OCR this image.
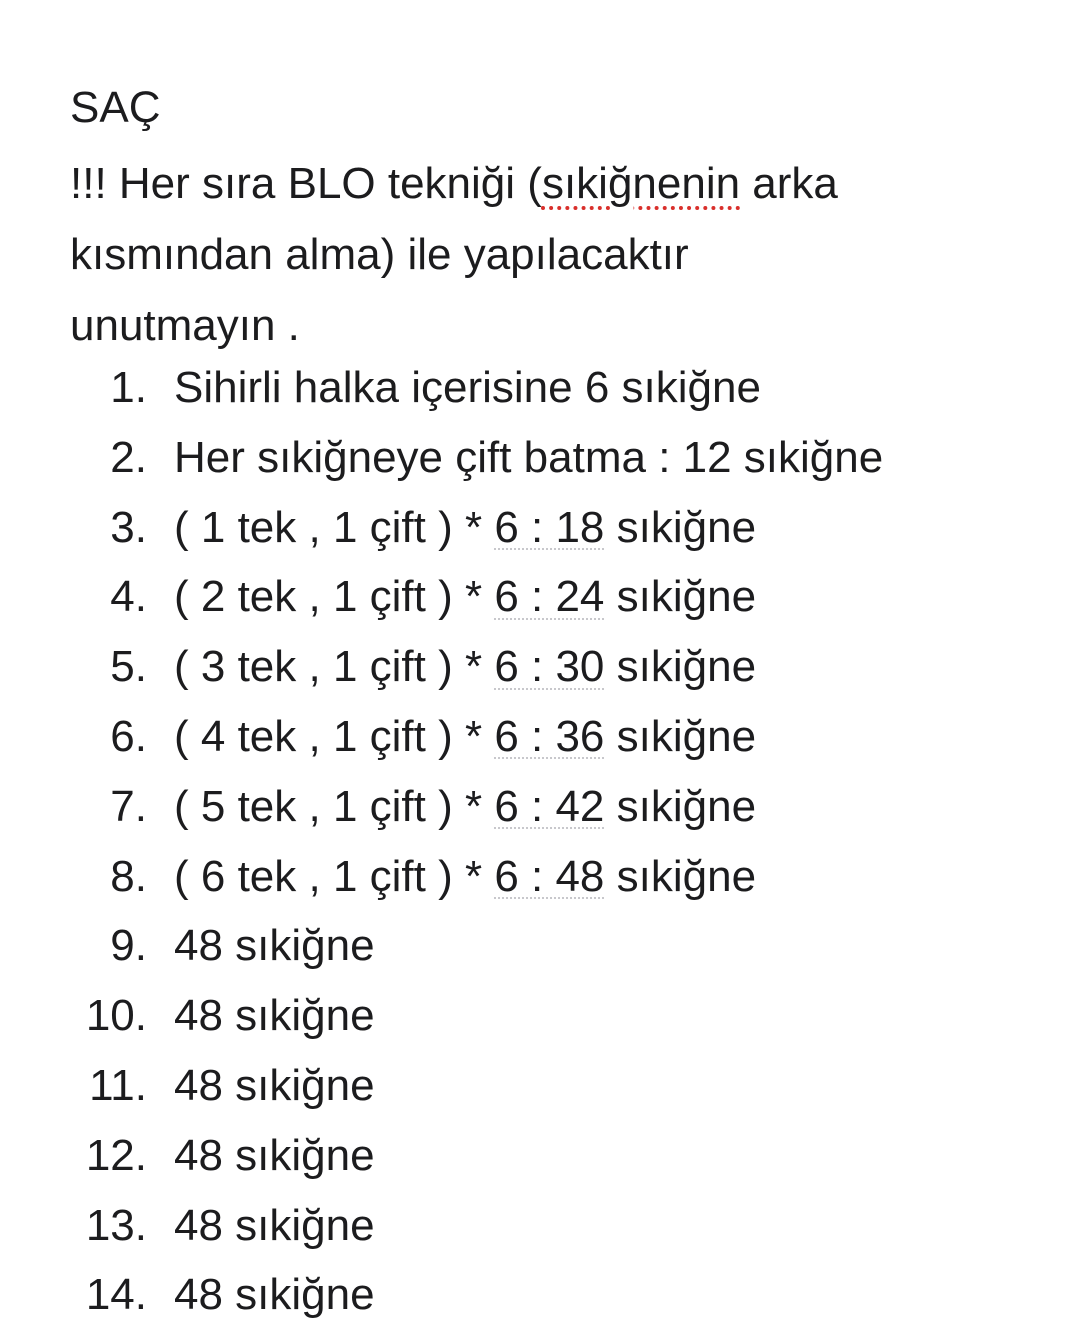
SAÇ
!!! Her sıra BLO tekniği (sıkiğnenin arka
kısmından alma) ile yapılacaktır
unutmayın .
1. Sihirli halka içerisine 6 sıkiğne
2. Her sıkiğneye çift batma : 12 sıkiğne
3. ( 1 tek , 1 çift ) * 6 : 18 sıkiğne
4. ( 2 tek , 1 çift ) * 6 : 24 sıkiğne
5. ( 3 tek , 1 çift ) * 6 : 30 sıkiğne
6. ( 4 tek , 1 çift ) * 6 : 36 sıkiğne
7. ( 5 tek , 1 çift ) * 6 : 42 sıkiğne
8. ( 6 tek , 1 çift ) * 6 : 48 sıkiğne
9. 48 sıkiğne
10. 48 sıkiğne
11. 48 sıkiğne
12. 48 sıkiğne
13. 48 sıkiğne
14. 48 sıkiğne
